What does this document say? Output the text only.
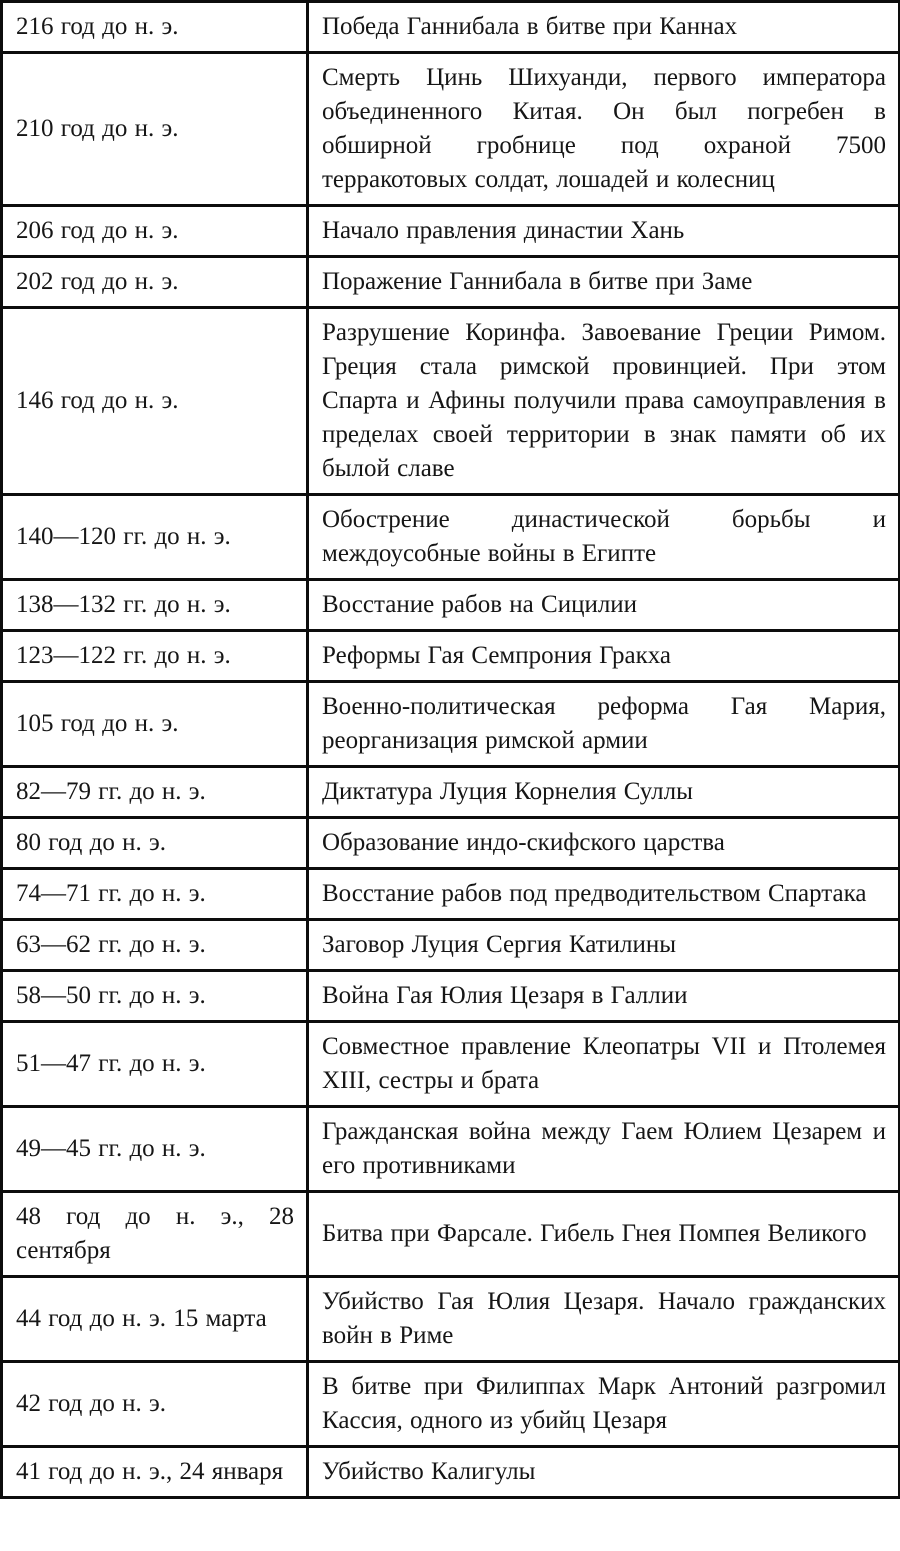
216 год до н. э.	Победа Ганнибала в битве при Каннах
210 год до н. э.	Смерть Цинь Шихуанди, первого императора объединенного Китая. Он был погребен в обширной гробнице под охраной 7500 терракотовых солдат, лошадей и колесниц
206 год до н. э.	Начало правления династии Хань
202 год до н. э.	Поражение Ганнибала в битве при Заме
146 год до н. э.	Разрушение Коринфа. Завоевание Греции Римом. Греция стала римской провинцией. При этом Спарта и Афины получили права самоуправления в пределах своей территории в знак памяти об их былой славе
140—120 гг. до н. э.	Обострение династической борьбы и междоусобные войны в Египте
138—132 гг. до н. э.	Восстание рабов на Сицилии
123—122 гг. до н. э.	Реформы Гая Семпрония Гракха
105 год до н. э.	Военно-политическая реформа Гая Мария, реорганизация римской армии
82—79 гг. до н. э.	Диктатура Луция Корнелия Суллы
80 год до н. э.	Образование индо-скифского царства
74—71 гг. до н. э.	Восстание рабов под предводительством Спартака
63—62 гг. до н. э.	Заговор Луция Сергия Катилины
58—50 гг. до н. э.	Война Гая Юлия Цезаря в Галлии
51—47 гг. до н. э.	Совместное правление Клеопатры VII и Птолемея XIII, сестры и брата
49—45 гг. до н. э.	Гражданская война между Гаем Юлием Цезарем и его противниками
48 год до н. э., 28 сентября	Битва при Фарсале. Гибель Гнея Помпея Великого
44 год до н. э. 15 марта	Убийство Гая Юлия Цезаря. Начало гражданских войн в Риме
42 год до н. э.	В битве при Филиппах Марк Антоний разгромил Кассия, одного из убийц Цезаря
41 год до н. э., 24 января	Убийство Калигулы
